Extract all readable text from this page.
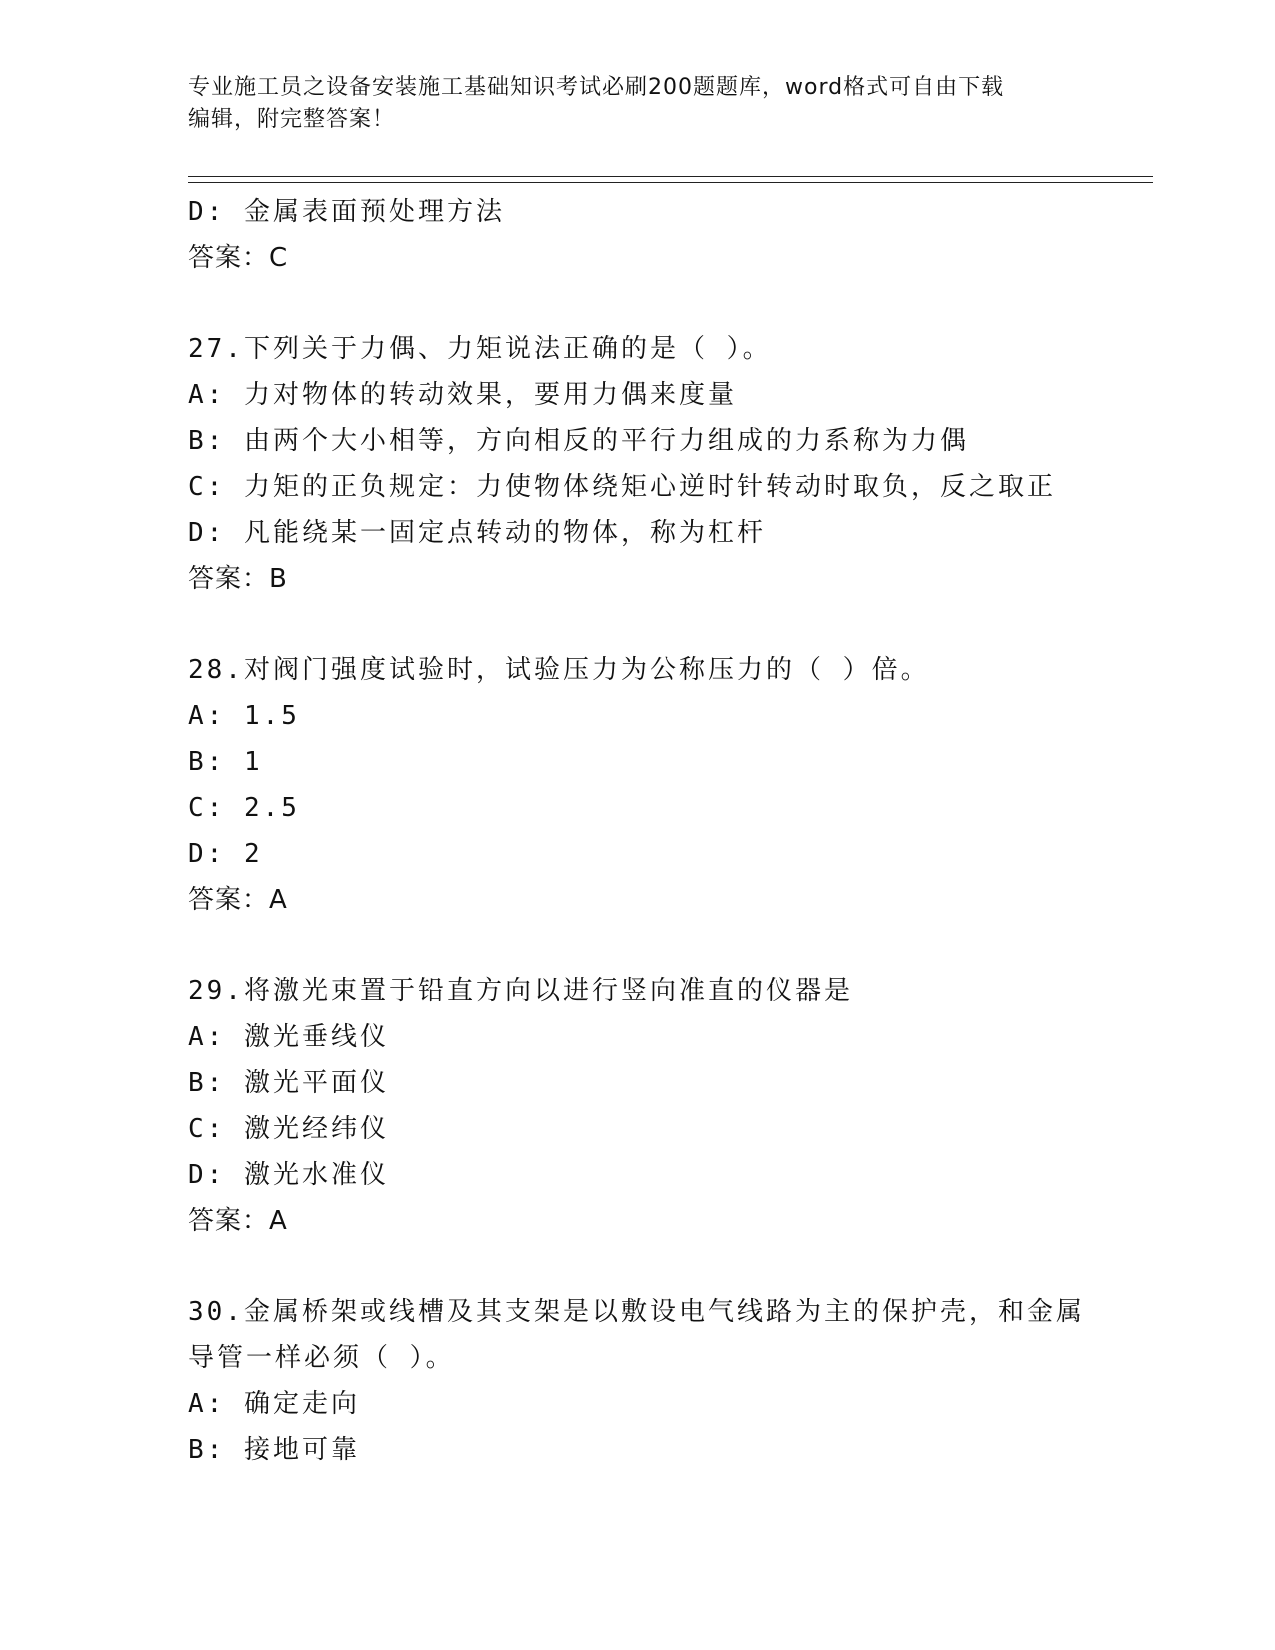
专业施工员之设备安装施工基础知识考试必刷200题题库，word格式可自由下载
编辑，附完整答案！
D: 金属表面预处理方法
答案：C
27.下列关于力偶、力矩说法正确的是（ ）。
A: 力对物体的转动效果，要用力偶来度量
B: 由两个大小相等，方向相反的平行力组成的力系称为力偶
C: 力矩的正负规定：力使物体绕矩心逆时针转动时取负，反之取正
D: 凡能绕某一固定点转动的物体，称为杠杆
答案：B
28.对阀门强度试验时，试验压力为公称压力的（ ）倍。
A: 1.5
B: 1
C: 2.5
D: 2
答案：A
29.将激光束置于铅直方向以进行竖向准直的仪器是
A: 激光垂线仪
B: 激光平面仪
C: 激光经纬仪
D: 激光水准仪
答案：A
30.金属桥架或线槽及其支架是以敷设电气线路为主的保护壳，和金属
导管一样必须（ ）。
A: 确定走向
B: 接地可靠
